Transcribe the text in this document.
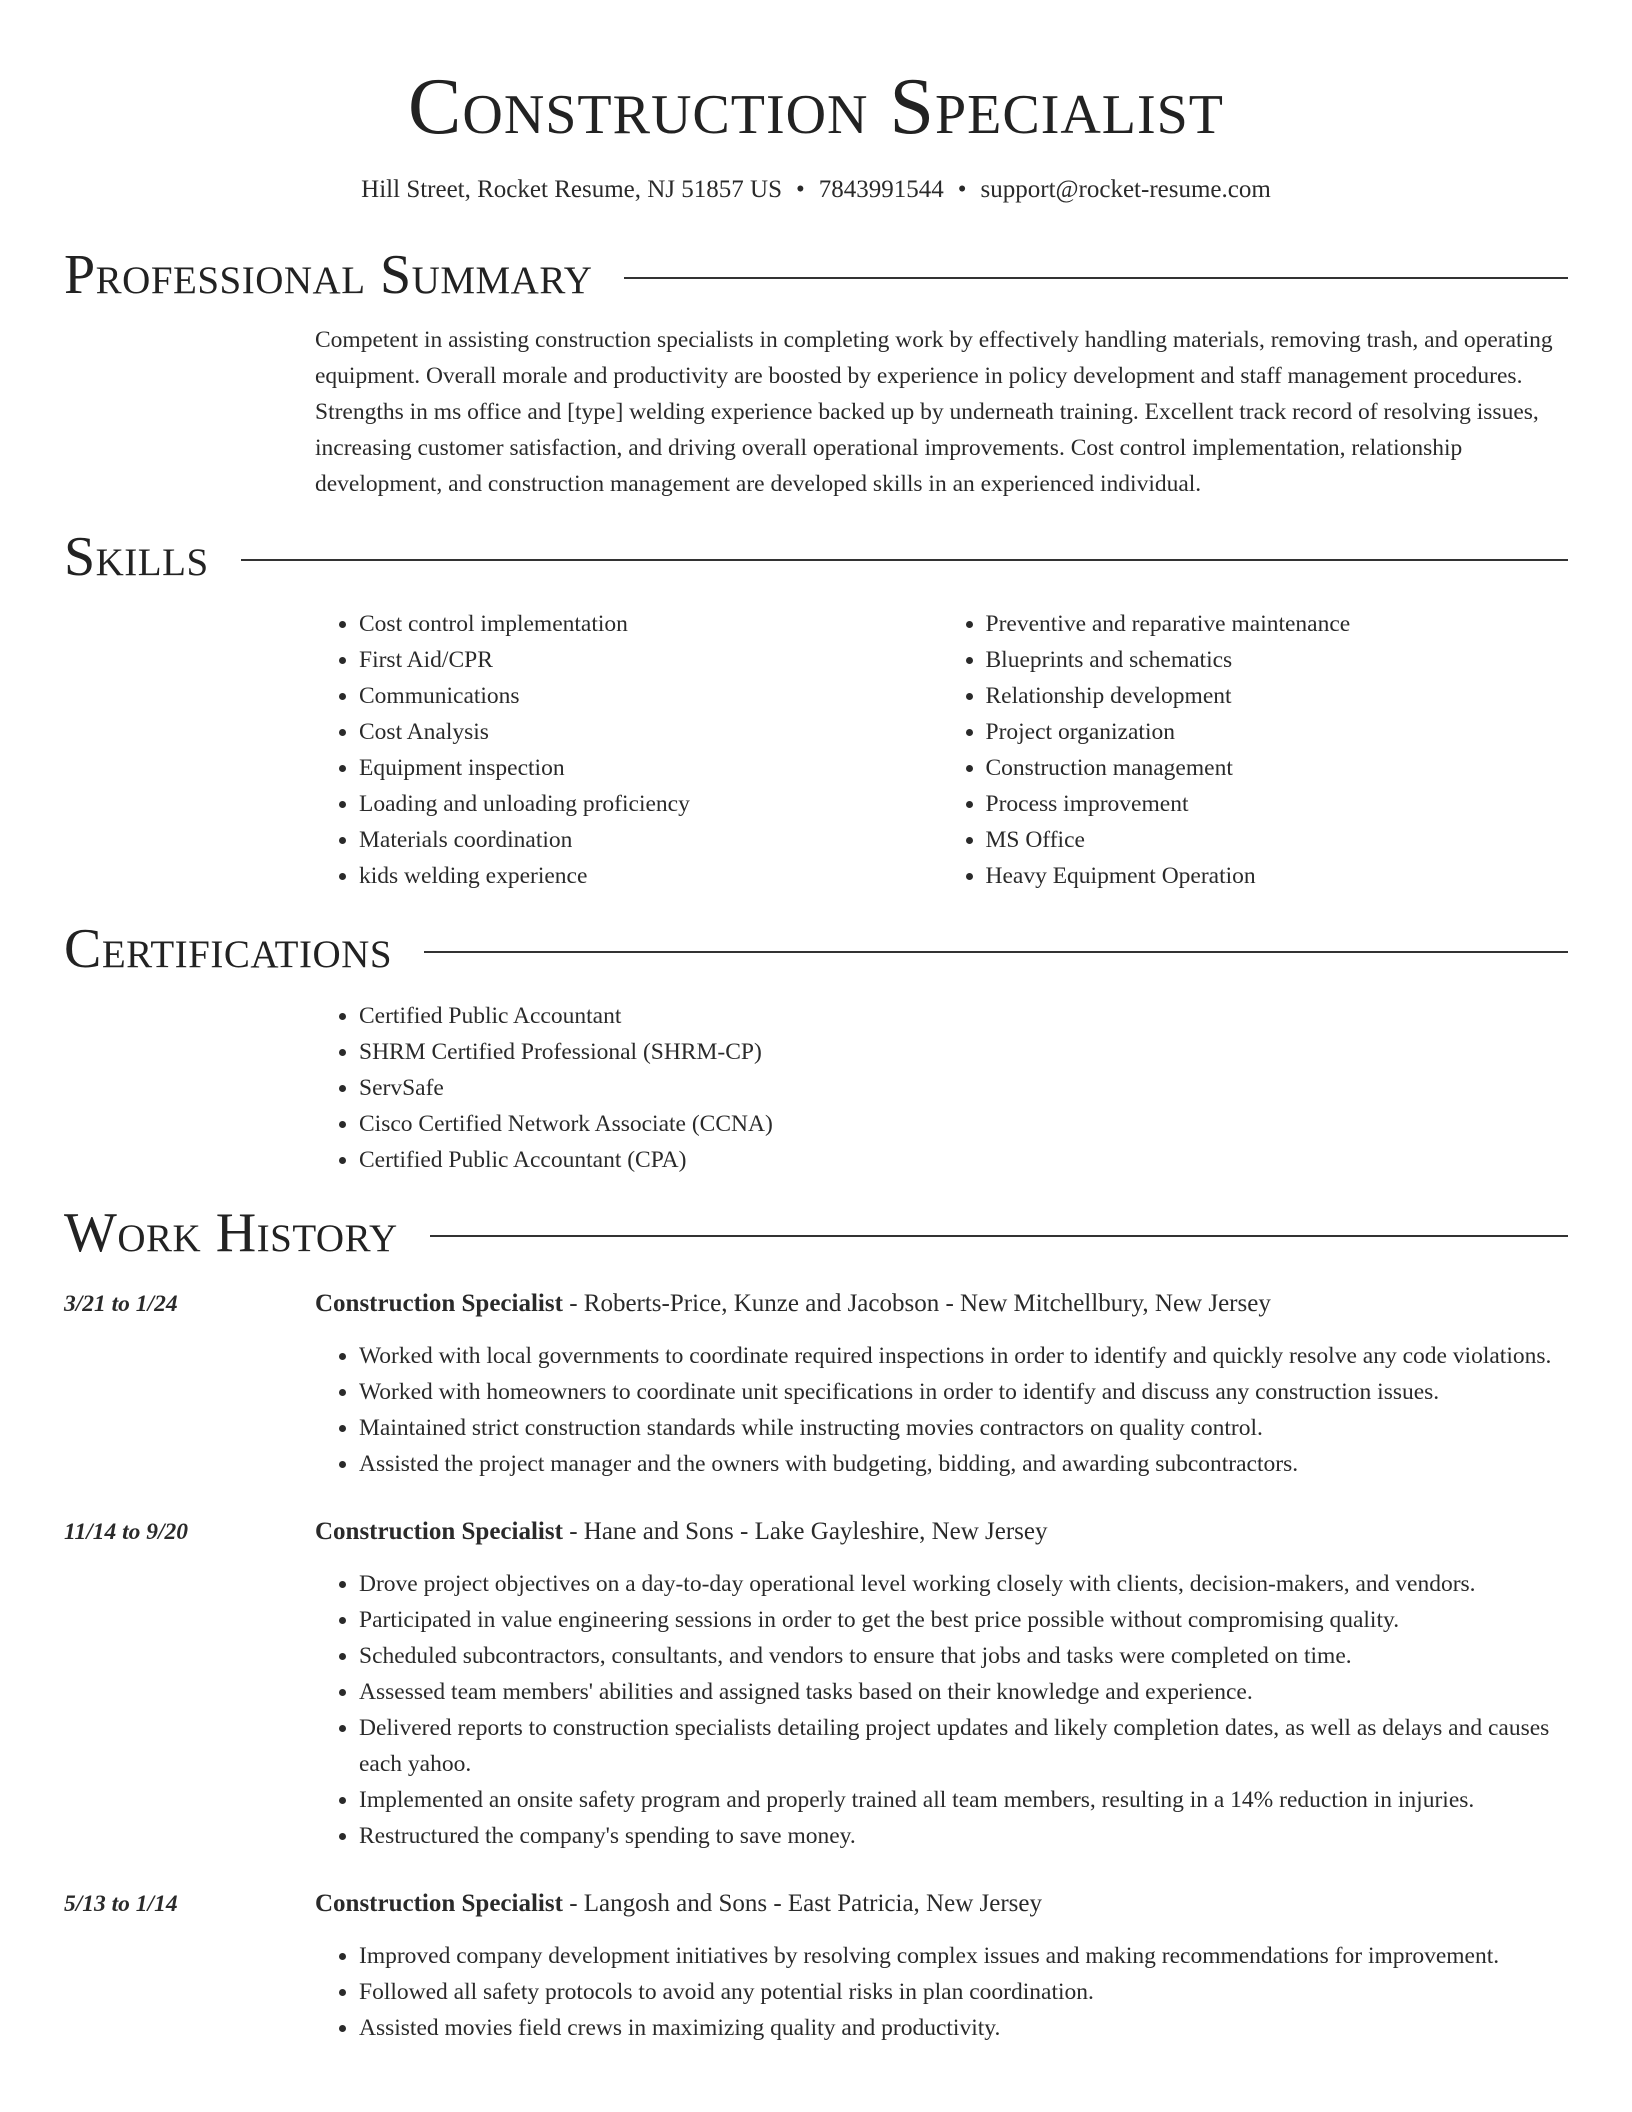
Construction Specialist
Hill Street, Rocket Resume, NJ 51857 US • 7843991544 • support@rocket-resume.com
Professional Summary
Competent in assisting construction specialists in completing work by effectively handling materials, removing trash, and operating equipment. Overall morale and productivity are boosted by experience in policy development and staff management procedures. Strengths in ms office and [type] welding experience backed up by underneath training. Excellent track record of resolving issues, increasing customer satisfaction, and driving overall operational improvements. Cost control implementation, relationship development, and construction management are developed skills in an experienced individual.
Skills
• Cost control implementation
• First Aid/CPR
• Communications
• Cost Analysis
• Equipment inspection
• Loading and unloading proficiency
• Materials coordination
• kids welding experience
• Preventive and reparative maintenance
• Blueprints and schematics
• Relationship development
• Project organization
• Construction management
• Process improvement
• MS Office
• Heavy Equipment Operation
Certifications
• Certified Public Accountant
• SHRM Certified Professional (SHRM-CP)
• ServSafe
• Cisco Certified Network Associate (CCNA)
• Certified Public Accountant (CPA)
Work History
3/21 to 1/24	Construction Specialist - Roberts-Price, Kunze and Jacobson - New Mitchellbury, New Jersey
• Worked with local governments to coordinate required inspections in order to identify and quickly resolve any code violations.
• Worked with homeowners to coordinate unit specifications in order to identify and discuss any construction issues.
• Maintained strict construction standards while instructing movies contractors on quality control.
• Assisted the project manager and the owners with budgeting, bidding, and awarding subcontractors.
11/14 to 9/20	Construction Specialist - Hane and Sons - Lake Gayleshire, New Jersey
• Drove project objectives on a day-to-day operational level working closely with clients, decision-makers, and vendors.
• Participated in value engineering sessions in order to get the best price possible without compromising quality.
• Scheduled subcontractors, consultants, and vendors to ensure that jobs and tasks were completed on time.
• Assessed team members' abilities and assigned tasks based on their knowledge and experience.
• Delivered reports to construction specialists detailing project updates and likely completion dates, as well as delays and causes each yahoo.
• Implemented an onsite safety program and properly trained all team members, resulting in a 14% reduction in injuries.
• Restructured the company's spending to save money.
5/13 to 1/14	Construction Specialist - Langosh and Sons - East Patricia, New Jersey
• Improved company development initiatives by resolving complex issues and making recommendations for improvement.
• Followed all safety protocols to avoid any potential risks in plan coordination.
• Assisted movies field crews in maximizing quality and productivity.
